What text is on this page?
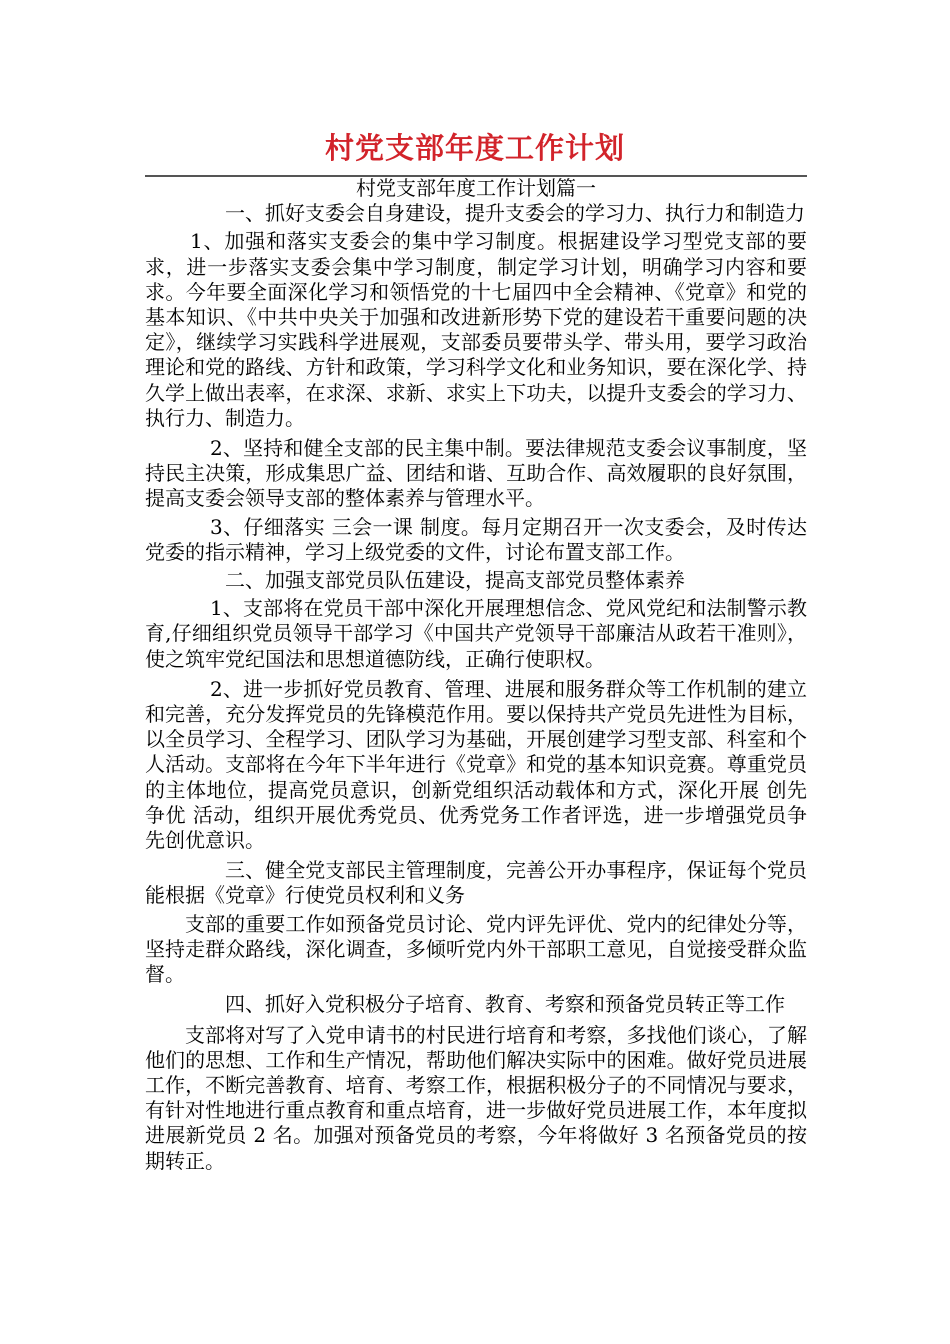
村党支部年度工作计划

村党支部年度工作计划篇一

一、抓好支委会自身建设，提升支委会的学习力、执行力和制造力

1、加强和落实支委会的集中学习制度。根据建设学习型党支部的要求，进一步落实支委会集中学习制度，制定学习计划，明确学习内容和要求。今年要全面深化学习和领悟党的十七届四中全会精神、《党章》和党的基本知识、《中共中央关于加强和改进新形势下党的建设若干重要问题的决定》，继续学习实践科学进展观，支部委员要带头学、带头用，要学习政治理论和党的路线、方针和政策，学习科学文化和业务知识，要在深化学、持久学上做出表率，在求深、求新、求实上下功夫，以提升支委会的学习力、执行力、制造力。

2、坚持和健全支部的民主集中制。要法律规范支委会议事制度，坚持民主决策，形成集思广益、团结和谐、互助合作、高效履职的良好氛围，提高支委会领导支部的整体素养与管理水平。

3、仔细落实 三会一课 制度。每月定期召开一次支委会，及时传达党委的指示精神，学习上级党委的文件，讨论布置支部工作。

二、加强支部党员队伍建设，提高支部党员整体素养

1、支部将在党员干部中深化开展理想信念、党风党纪和法制警示教育,仔细组织党员领导干部学习《中国共产党领导干部廉洁从政若干准则》，使之筑牢党纪国法和思想道德防线，正确行使职权。

2、进一步抓好党员教育、管理、进展和服务群众等工作机制的建立和完善，充分发挥党员的先锋模范作用。要以保持共产党员先进性为目标，以全员学习、全程学习、团队学习为基础，开展创建学习型支部、科室和个人活动。支部将在今年下半年进行《党章》和党的基本知识竞赛。尊重党员的主体地位，提高党员意识，创新党组织活动载体和方式，深化开展 创先争优 活动，组织开展优秀党员、优秀党务工作者评选，进一步增强党员争先创优意识。

三、健全党支部民主管理制度，完善公开办事程序，保证每个党员能根据《党章》行使党员权利和义务

支部的重要工作如预备党员讨论、党内评先评优、党内的纪律处分等，坚持走群众路线，深化调查，多倾听党内外干部职工意见，自觉接受群众监督。

四、抓好入党积极分子培育、教育、考察和预备党员转正等工作

支部将对写了入党申请书的村民进行培育和考察，多找他们谈心，了解他们的思想、工作和生产情况，帮助他们解决实际中的困难。做好党员进展工作，不断完善教育、培育、考察工作，根据积极分子的不同情况与要求，有针对性地进行重点教育和重点培育，进一步做好党员进展工作，本年度拟进展新党员 2 名。加强对预备党员的考察，今年将做好 3 名预备党员的按期转正。
